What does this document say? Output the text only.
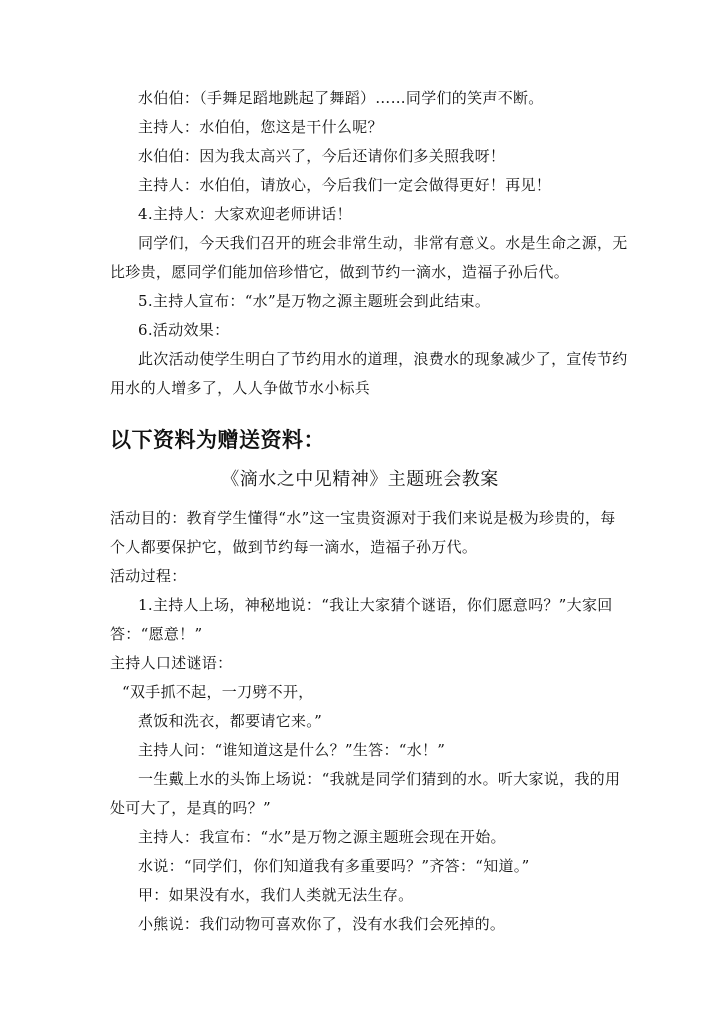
水伯伯：（手舞足蹈地跳起了舞蹈）……同学们的笑声不断。

主持人：水伯伯，您这是干什么呢？

水伯伯：因为我太高兴了，今后还请你们多关照我呀！

主持人：水伯伯，请放心，今后我们一定会做得更好！再见！

4.主持人：大家欢迎老师讲话！

同学们，今天我们召开的班会非常生动，非常有意义。水是生命之源，无

比珍贵，愿同学们能加倍珍惜它，做到节约一滴水，造福子孙后代。

5.主持人宣布：“水”是万物之源主题班会到此结束。

6.活动效果：

此次活动使学生明白了节约用水的道理，浪费水的现象减少了，宣传节约

用水的人增多了，人人争做节水小标兵

以下资料为赠送资料：
《滴水之中见精神》主题班会教案

活动目的：教育学生懂得“水”这一宝贵资源对于我们来说是极为珍贵的，每

个人都要保护它，做到节约每一滴水，造福子孙万代。

活动过程：

1.主持人上场，神秘地说：“我让大家猜个谜语，你们愿意吗？”大家回

答：“愿意！”

主持人口述谜语：

“双手抓不起，一刀劈不开，

煮饭和洗衣，都要请它来。”

主持人问：“谁知道这是什么？”生答：“水！”

一生戴上水的头饰上场说：“我就是同学们猜到的水。听大家说，我的用

处可大了，是真的吗？”

主持人：我宣布：“水”是万物之源主题班会现在开始。

水说：“同学们，你们知道我有多重要吗？”齐答：“知道。”

甲：如果没有水，我们人类就无法生存。

小熊说：我们动物可喜欢你了，没有水我们会死掉的。
